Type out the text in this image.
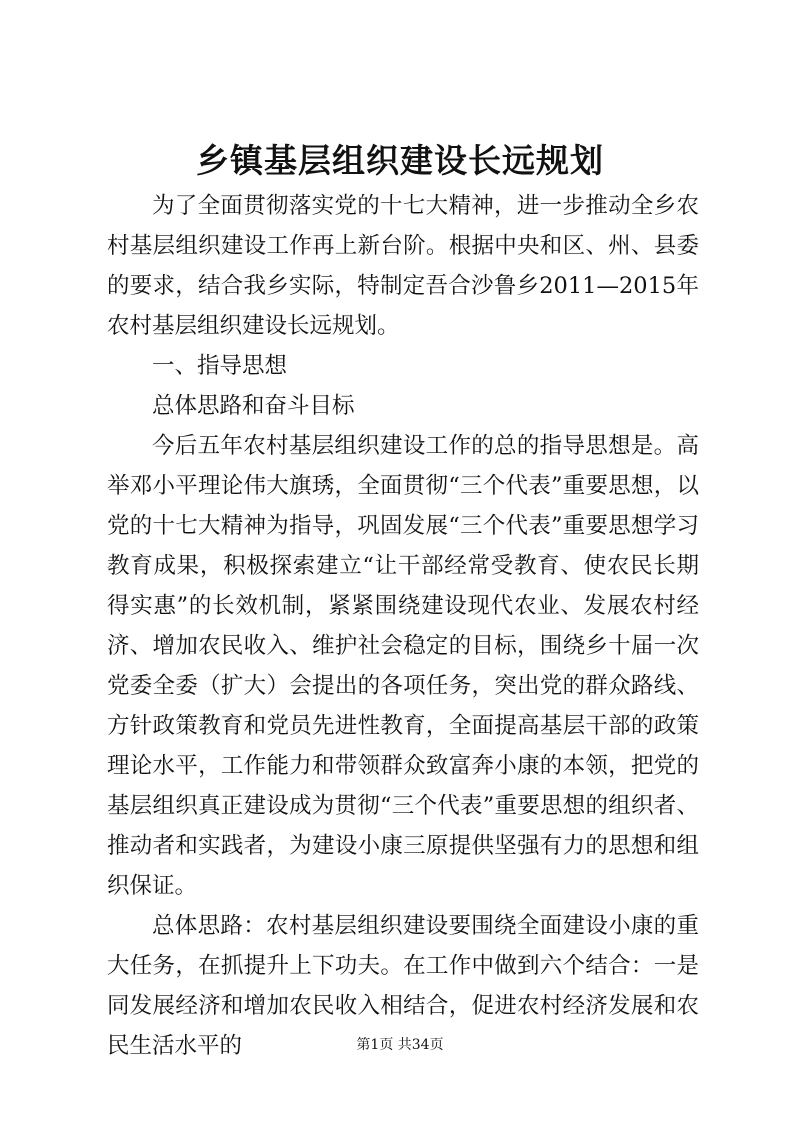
乡镇基层组织建设长远规划

为了全面贯彻落实党的十七大精神，进一步推动全乡农村基层组织建设工作再上新台阶。根据中央和区、州、县委的要求，结合我乡实际，特制定吾合沙鲁乡2011—2015年农村基层组织建设长远规划。

一、指导思想

总体思路和奋斗目标

今后五年农村基层组织建设工作的总的指导思想是。高举邓小平理论伟大旗琇，全面贯彻“三个代表”重要思想，以党的十七大精神为指导，巩固发展“三个代表”重要思想学习教育成果，积极探索建立“让干部经常受教育、使农民长期得实惠”的长效机制，紧紧围绕建设现代农业、发展农村经济、增加农民收入、维护社会稳定的目标，围绕乡十届一次党委全委（扩大）会提出的各项任务，突出党的群众路线、方针政策教育和党员先进性教育，全面提高基层干部的政策理论水平，工作能力和带领群众致富奔小康的本领，把党的基层组织真正建设成为贯彻“三个代表”重要思想的组织者、推动者和实践者，为建设小康三原提供坚强有力的思想和组织保证。

总体思路：农村基层组织建设要围绕全面建设小康的重大任务，在抓提升上下功夫。在工作中做到六个结合：一是同发展经济和增加农民收入相结合，促进农村经济发展和农民生活水平的	第1页 共34页
